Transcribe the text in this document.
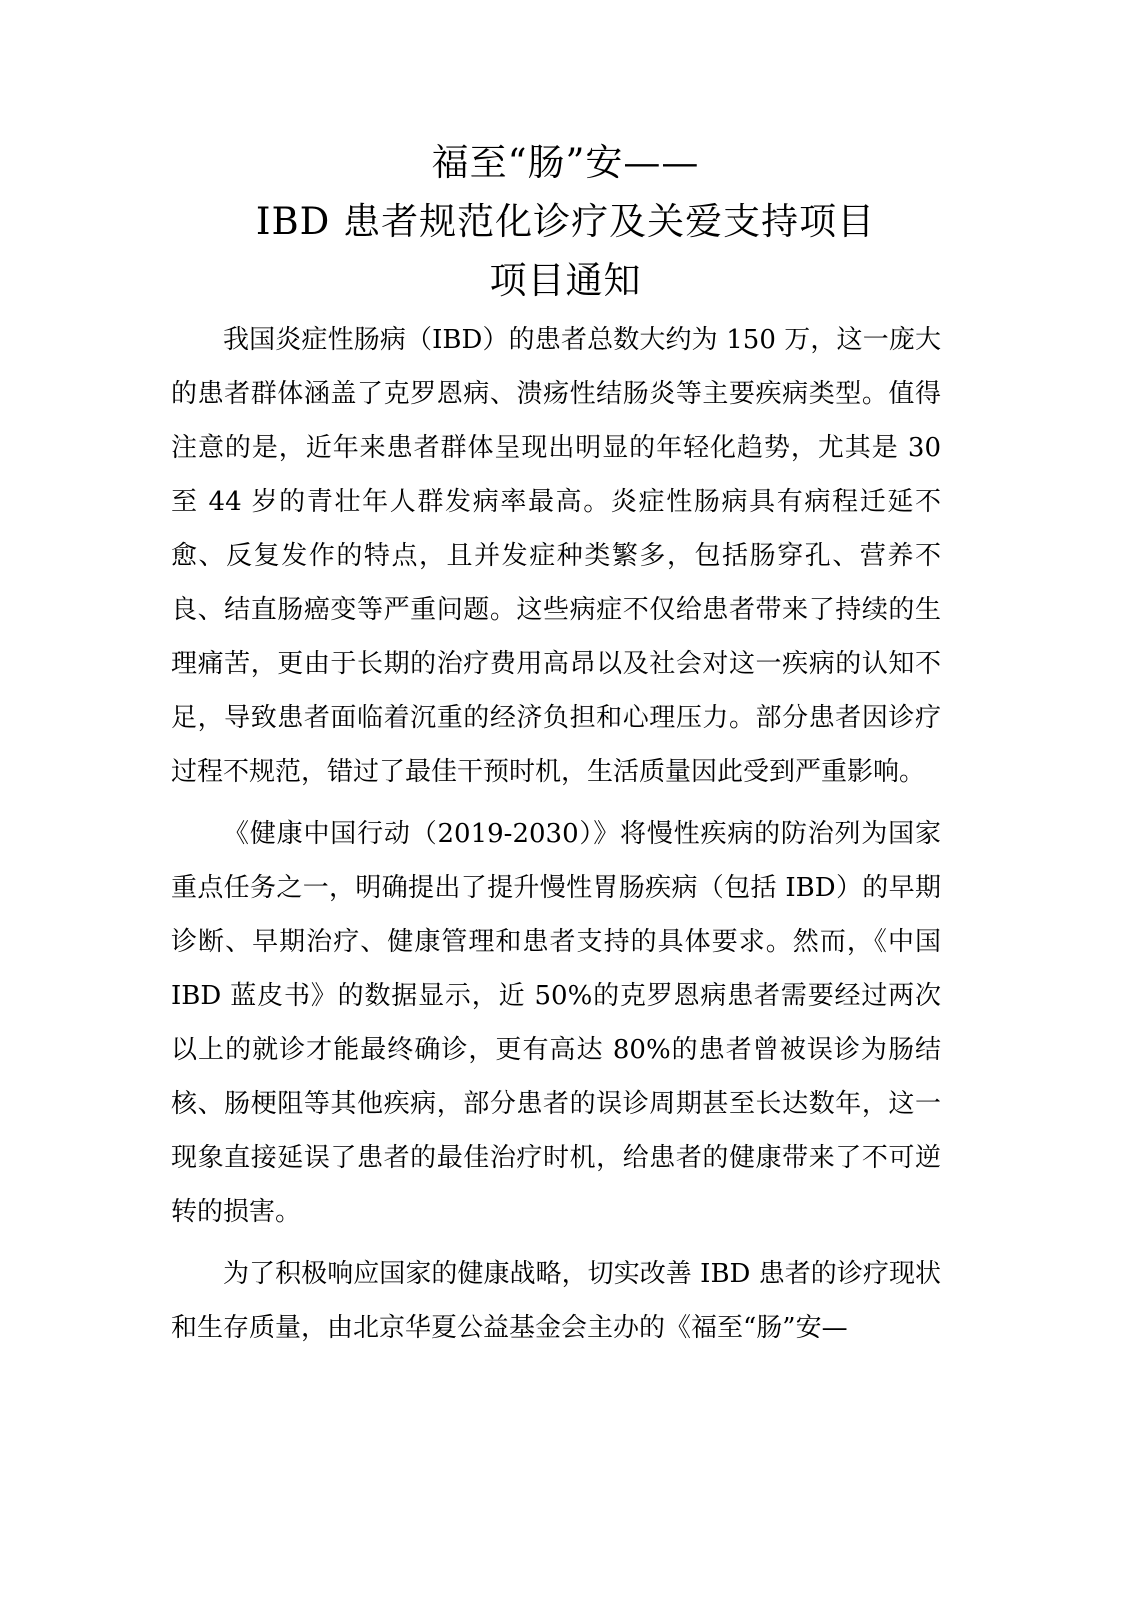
福至“肠”安——
IBD 患者规范化诊疗及关爱支持项目
项目通知

我国炎症性肠病（IBD）的患者总数大约为 150 万，这一庞大的患者群体涵盖了克罗恩病、溃疡性结肠炎等主要疾病类型。值得注意的是，近年来患者群体呈现出明显的年轻化趋势，尤其是 30 至 44 岁的青壮年人群发病率最高。炎症性肠病具有病程迁延不愈、反复发作的特点，且并发症种类繁多，包括肠穿孔、营养不良、结直肠癌变等严重问题。这些病症不仅给患者带来了持续的生理痛苦，更由于长期的治疗费用高昂以及社会对这一疾病的认知不足，导致患者面临着沉重的经济负担和心理压力。部分患者因诊疗过程不规范，错过了最佳干预时机，生活质量因此受到严重影响。

《健康中国行动（2019-2030）》将慢性疾病的防治列为国家重点任务之一，明确提出了提升慢性胃肠疾病（包括 IBD）的早期诊断、早期治疗、健康管理和患者支持的具体要求。然而，《中国 IBD 蓝皮书》的数据显示，近 50%的克罗恩病患者需要经过两次以上的就诊才能最终确诊，更有高达 80%的患者曾被误诊为肠结核、肠梗阻等其他疾病，部分患者的误诊周期甚至长达数年，这一现象直接延误了患者的最佳治疗时机，给患者的健康带来了不可逆转的损害。

为了积极响应国家的健康战略，切实改善 IBD 患者的诊疗现状和生存质量，由北京华夏公益基金会主办的《福至“肠”安—
